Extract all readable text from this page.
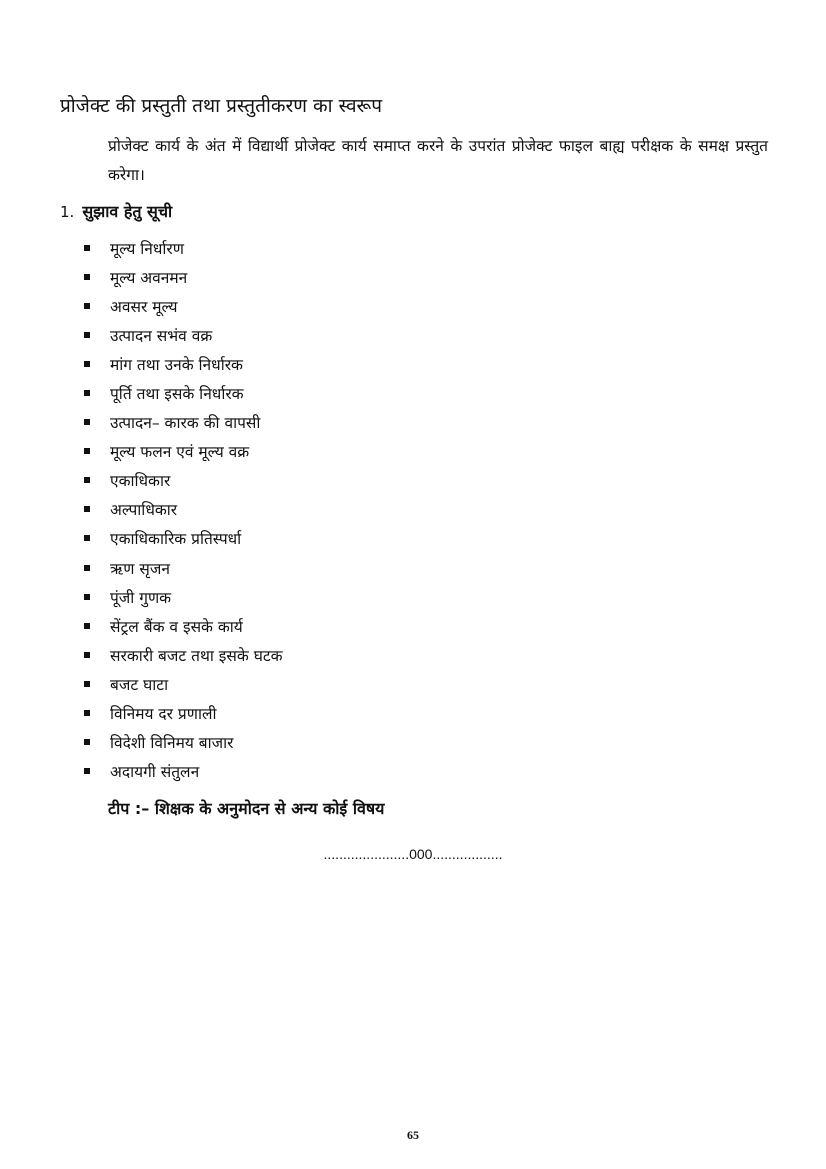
प्रोजेक्ट की प्रस्तुती तथा प्रस्तुतीकरण का स्वरूप
प्रोजेक्ट कार्य के अंत में विद्यार्थी प्रोजेक्ट कार्य समाप्त करने के उपरांत प्रोजेक्ट फाइल बाह्य परीक्षक के समक्ष प्रस्तुत करेगा।
1. सुझाव हेतु सूची
मूल्य निर्धारण
मूल्य अवनमन
अवसर मूल्य
उत्पादन सभंव वक्र
मांग तथा उनके निर्धारक
पूर्ति तथा इसके निर्धारक
उत्पादन– कारक की वापसी
मूल्य फलन एवं मूल्य वक्र
एकाधिकार
अल्पाधिकार
एकाधिकारिक प्रतिस्पर्धा
ऋण सृजन
पूंजी गुणक
सेंट्रल बैंक व इसके कार्य
सरकारी बजट तथा इसके घटक
बजट घाटा
विनिमय दर प्रणाली
विदेशी विनिमय बाजार
अदायगी संतुलन
टीप :– शिक्षक के अनुमोदन से अन्य कोई विषय
......................000..................
65
